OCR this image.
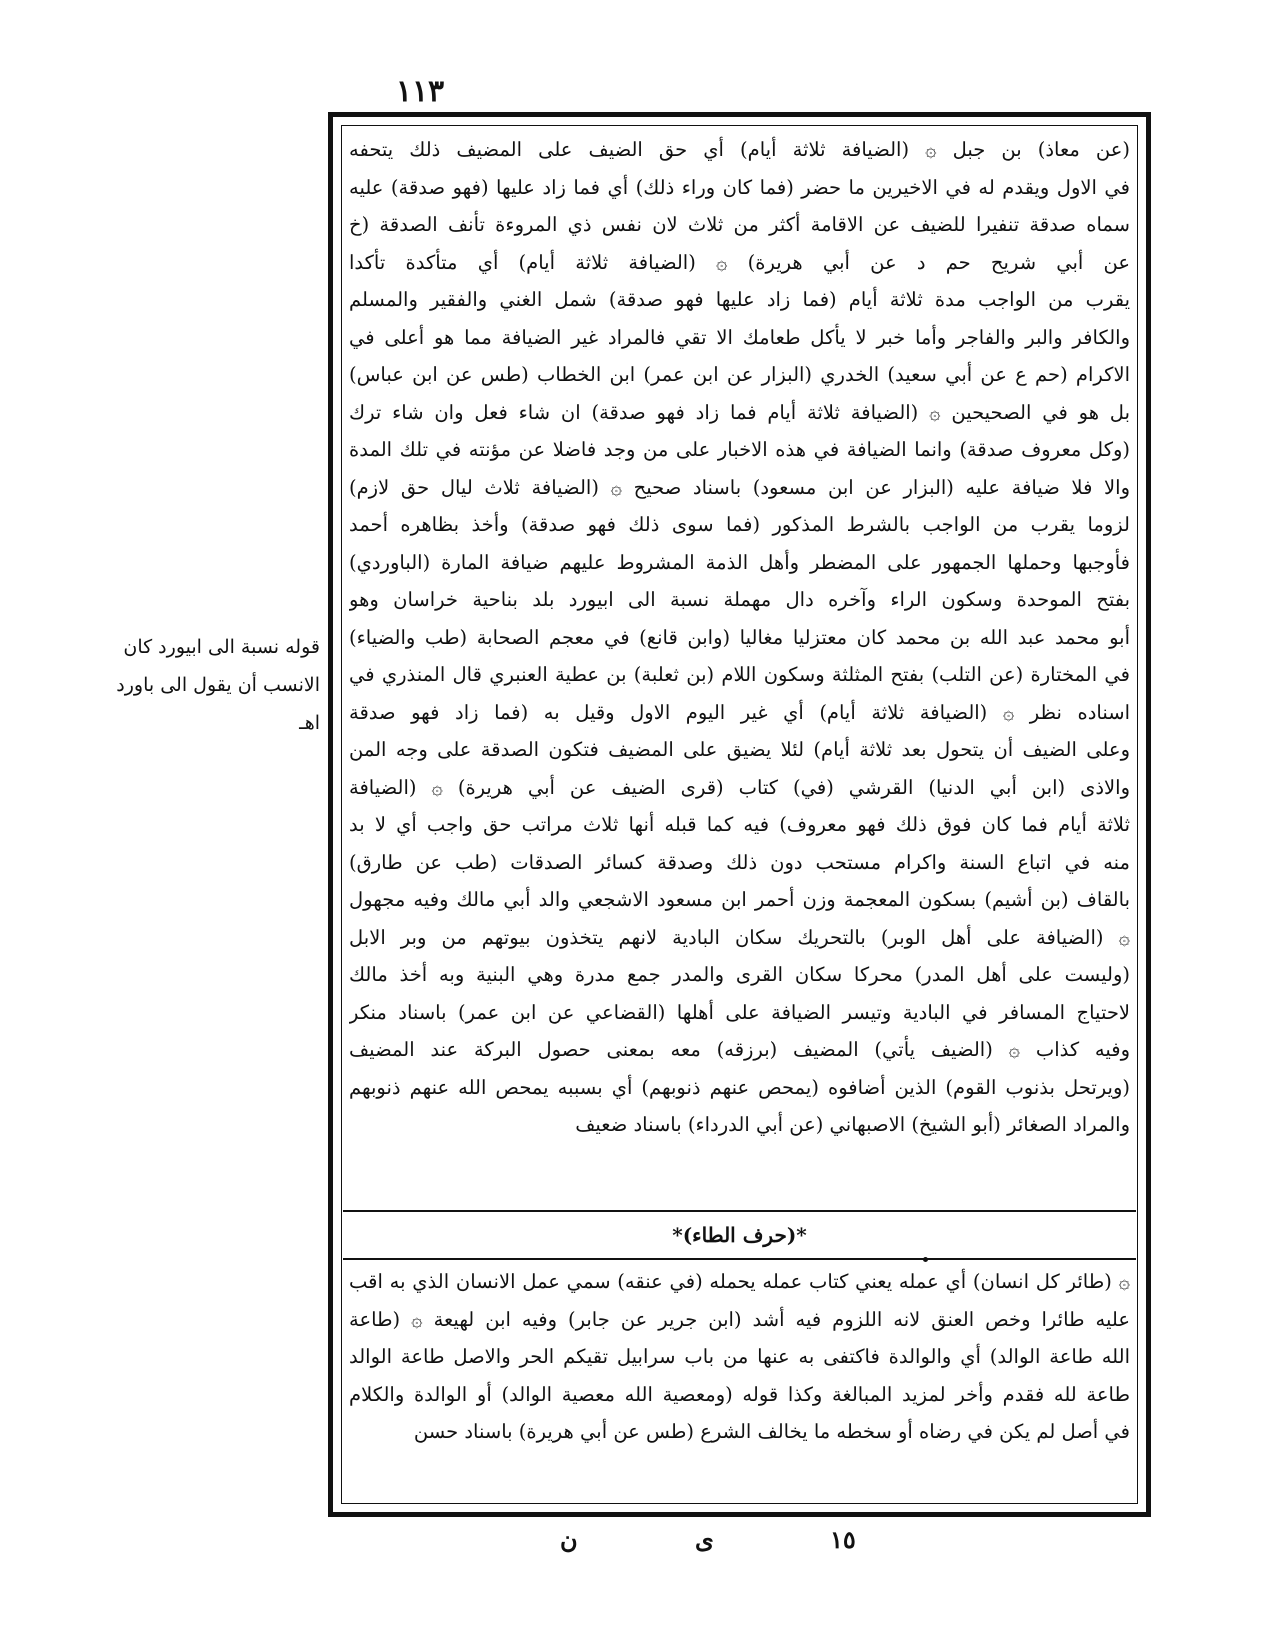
١١٣
قوله نسبة الى ابيورد كان
الانسب أن يقول الى باورد
اهـ
(عن معاذ) بن جبل ۞ (الضيافة ثلاثة أيام) أي حق الضيف على المضيف ذلك يتحفه
في الاول ويقدم له في الاخيرين ما حضر (فما كان وراء ذلك) أي فما زاد عليها (فهو صدقة) عليه
سماه صدقة تنفيرا للضيف عن الاقامة أكثر من ثلاث لان نفس ذي المروءة تأنف الصدقة (خ
عن أبي شريح حم د عن أبي هريرة) ۞ (الضيافة ثلاثة أيام) أي متأكدة تأكدا
يقرب من الواجب مدة ثلاثة أيام (فما زاد عليها فهو صدقة) شمل الغني والفقير والمسلم
والكافر والبر والفاجر وأما خبر لا يأكل طعامك الا تقي فالمراد غير الضيافة مما هو أعلى في
الاكرام (حم ع عن أبي سعيد) الخدري (البزار عن ابن عمر) ابن الخطاب (طس عن ابن عباس)
بل هو في الصحيحين ۞ (الضيافة ثلاثة أيام فما زاد فهو صدقة) ان شاء فعل وان شاء ترك
(وكل معروف صدقة) وانما الضيافة في هذه الاخبار على من وجد فاضلا عن مؤنته في تلك المدة
والا فلا ضيافة عليه (البزار عن ابن مسعود) باسناد صحيح ۞ (الضيافة ثلاث ليال حق لازم)
لزوما يقرب من الواجب بالشرط المذكور (فما سوى ذلك فهو صدقة) وأخذ بظاهره أحمد
فأوجبها وحملها الجمهور على المضطر وأهل الذمة المشروط عليهم ضيافة المارة (الباوردي)
بفتح الموحدة وسكون الراء وآخره دال مهملة نسبة الى ابيورد بلد بناحية خراسان وهو
أبو محمد عبد الله بن محمد كان معتزليا مغاليا (وابن قانع) في معجم الصحابة (طب والضياء)
في المختارة (عن التلب) بفتح المثلثة وسكون اللام (بن ثعلبة) بن عطية العنبري قال المنذري في
اسناده نظر ۞ (الضيافة ثلاثة أيام) أي غير اليوم الاول وقيل به (فما زاد فهو صدقة
وعلى الضيف أن يتحول بعد ثلاثة أيام) لئلا يضيق على المضيف فتكون الصدقة على وجه المن
والاذى (ابن أبي الدنيا) القرشي (في) كتاب (قرى الضيف عن أبي هريرة) ۞ (الضيافة
ثلاثة أيام فما كان فوق ذلك فهو معروف) فيه كما قبله أنها ثلاث مراتب حق واجب أي لا بد
منه في اتباع السنة واكرام مستحب دون ذلك وصدقة كسائر الصدقات (طب عن طارق)
بالقاف (بن أشيم) بسكون المعجمة وزن أحمر ابن مسعود الاشجعي والد أبي مالك وفيه مجهول
۞ (الضيافة على أهل الوبر) بالتحريك سكان البادية لانهم يتخذون بيوتهم من وبر الابل
(وليست على أهل المدر) محركا سكان القرى والمدر جمع مدرة وهي البنية وبه أخذ مالك
لاحتياج المسافر في البادية وتيسر الضيافة على أهلها (القضاعي عن ابن عمر) باسناد منكر
وفيه كذاب ۞ (الضيف يأتي) المضيف (برزقه) معه بمعنى حصول البركة عند المضيف
(ويرتحل بذنوب القوم) الذين أضافوه (يمحص عنهم ذنوبهم) أي بسببه يمحص الله عنهم ذنوبهم
والمراد الصغائر (أبو الشيخ) الاصبهاني (عن أبي الدرداء) باسناد ضعيف
*(حرف الطاء)*
۞ (طائر كل انسان) أي عمله يعني كتاب عمله يحمله (في عنقه) سمي عمل الانسان الذي به اقب
عليه طائرا وخص العنق لانه اللزوم فيه أشد (ابن جرير عن جابر) وفيه ابن لهيعة ۞ (طاعة
الله طاعة الوالد) أي والوالدة فاكتفى به عنها من باب سرابيل تقيكم الحر والاصل طاعة الوالد
طاعة لله فقدم وأخر لمزيد المبالغة وكذا قوله (ومعصية الله معصية الوالد) أو الوالدة والكلام
في أصل لم يكن في رضاه أو سخطه ما يخالف الشرع (طس عن أبي هريرة) باسناد حسن
ن	ى	١٥
